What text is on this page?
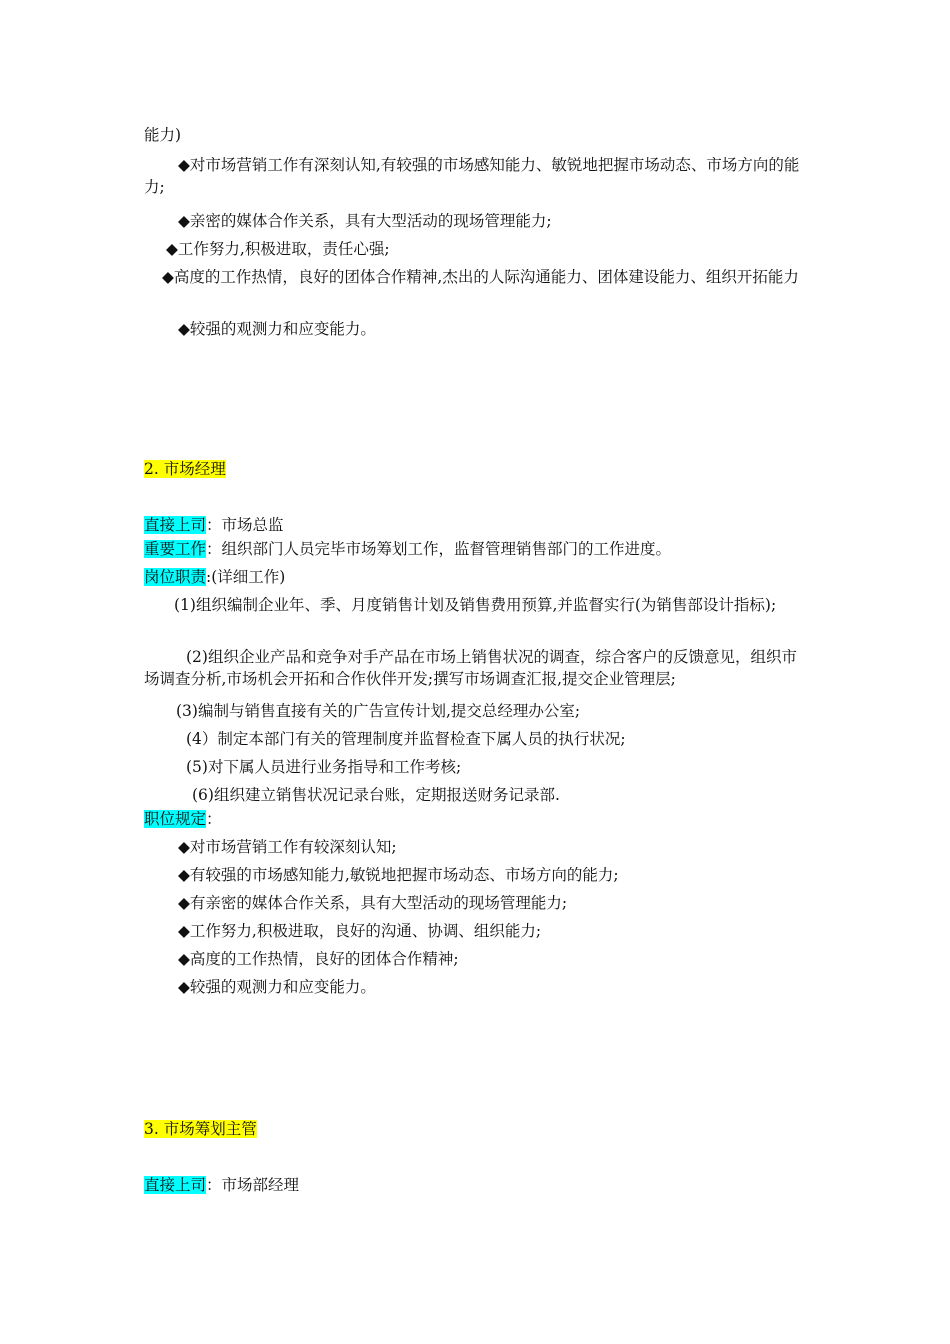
能力)
◆对市场营销工作有深刻认知,有较强的市场感知能力、敏锐地把握市场动态、市场方向的能力;
◆亲密的媒体合作关系，具有大型活动的现场管理能力;
◆工作努力,积极进取，责任心强;
◆高度的工作热情，良好的团体合作精神,杰出的人际沟通能力、团体建设能力、组织开拓能力
◆较强的观测力和应变能力。
2. 市场经理
直接上司：市场总监
重要工作：组织部门人员完毕市场筹划工作，监督管理销售部门的工作进度。
岗位职责:(详细工作)
(1)组织编制企业年、季、月度销售计划及销售费用预算,并监督实行(为销售部设计指标);
(2)组织企业产品和竞争对手产品在市场上销售状况的调查，综合客户的反馈意见，组织市场调查分析,市场机会开拓和合作伙伴开发;撰写市场调查汇报,提交企业管理层;
(3)编制与销售直接有关的广告宣传计划,提交总经理办公室;
(4）制定本部门有关的管理制度并监督检查下属人员的执行状况;
(5)对下属人员进行业务指导和工作考核;
(6)组织建立销售状况记录台账，定期报送财务记录部.
职位规定：
◆对市场营销工作有较深刻认知;
◆有较强的市场感知能力,敏锐地把握市场动态、市场方向的能力;
◆有亲密的媒体合作关系，具有大型活动的现场管理能力;
◆工作努力,积极进取，良好的沟通、协调、组织能力;
◆高度的工作热情，良好的团体合作精神;
◆较强的观测力和应变能力。
3. 市场筹划主管
直接上司：市场部经理
